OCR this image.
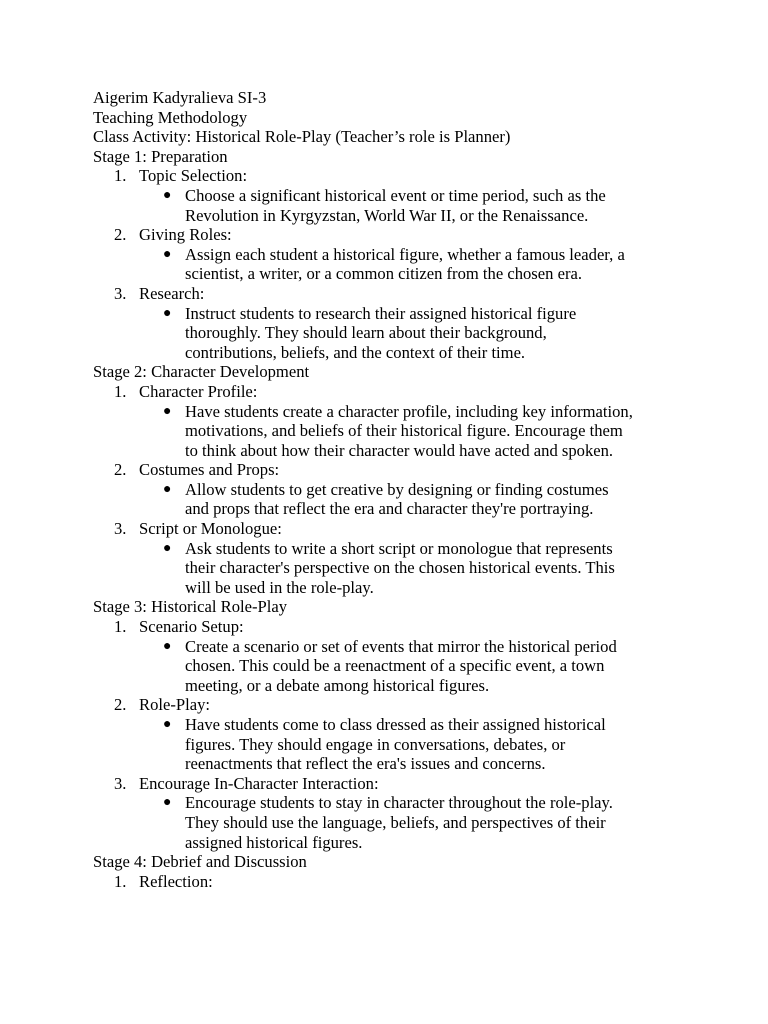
Aigerim Kadyralieva SI-3
Teaching Methodology
Class Activity: Historical Role-Play (Teacher’s role is Planner)
Stage 1: Preparation
1. Topic Selection:
● Choose a significant historical event or time period, such as the
Revolution in Kyrgyzstan, World War II, or the Renaissance.
2. Giving Roles:
● Assign each student a historical figure, whether a famous leader, a
scientist, a writer, or a common citizen from the chosen era.
3. Research:
● Instruct students to research their assigned historical figure
thoroughly. They should learn about their background,
contributions, beliefs, and the context of their time.
Stage 2: Character Development
1. Character Profile:
● Have students create a character profile, including key information,
motivations, and beliefs of their historical figure. Encourage them
to think about how their character would have acted and spoken.
2. Costumes and Props:
● Allow students to get creative by designing or finding costumes
and props that reflect the era and character they're portraying.
3. Script or Monologue:
● Ask students to write a short script or monologue that represents
their character's perspective on the chosen historical events. This
will be used in the role-play.
Stage 3: Historical Role-Play
1. Scenario Setup:
● Create a scenario or set of events that mirror the historical period
chosen. This could be a reenactment of a specific event, a town
meeting, or a debate among historical figures.
2. Role-Play:
● Have students come to class dressed as their assigned historical
figures. They should engage in conversations, debates, or
reenactments that reflect the era's issues and concerns.
3. Encourage In-Character Interaction:
● Encourage students to stay in character throughout the role-play.
They should use the language, beliefs, and perspectives of their
assigned historical figures.
Stage 4: Debrief and Discussion
1. Reflection:
